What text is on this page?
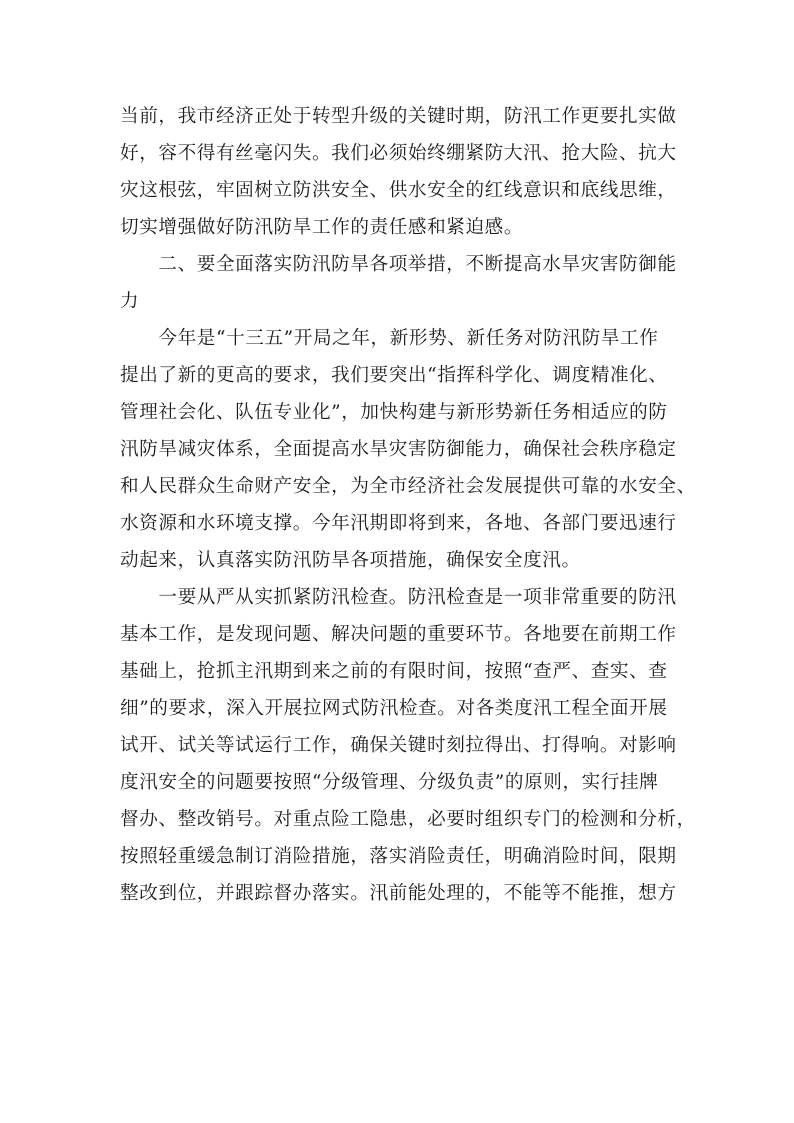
当前，我市经济正处于转型升级的关键时期，防汛工作更要扎实做
好，容不得有丝毫闪失。我们必须始终绷紧防大汛、抢大险、抗大
灾这根弦，牢固树立防洪安全、供水安全的红线意识和底线思维，
切实增强做好防汛防旱工作的责任感和紧迫感。
　　二、要全面落实防汛防旱各项举措，不断提高水旱灾害防御能
力
　　今年是“十三五”开局之年，新形势、新任务对防汛防旱工作
提出了新的更高的要求，我们要突出“指挥科学化、调度精准化、
管理社会化、队伍专业化”，加快构建与新形势新任务相适应的防
汛防旱减灾体系，全面提高水旱灾害防御能力，确保社会秩序稳定
和人民群众生命财产安全，为全市经济社会发展提供可靠的水安全、
水资源和水环境支撑。今年汛期即将到来，各地、各部门要迅速行
动起来，认真落实防汛防旱各项措施，确保安全度汛。
　　一要从严从实抓紧防汛检查。防汛检查是一项非常重要的防汛
基本工作，是发现问题、解决问题的重要环节。各地要在前期工作
基础上，抢抓主汛期到来之前的有限时间，按照“查严、查实、查
细”的要求，深入开展拉网式防汛检查。对各类度汛工程全面开展
试开、试关等试运行工作，确保关键时刻拉得出、打得响。对影响
度汛安全的问题要按照“分级管理、分级负责”的原则，实行挂牌
督办、整改销号。对重点险工隐患，必要时组织专门的检测和分析，
按照轻重缓急制订消险措施，落实消险责任，明确消险时间，限期
整改到位，并跟踪督办落实。汛前能处理的，不能等不能推，想方
